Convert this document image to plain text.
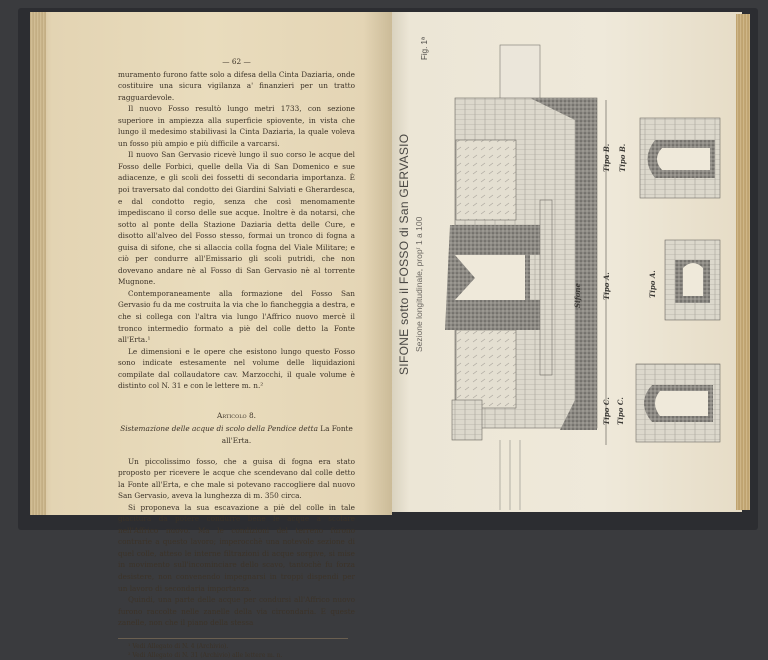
— 62 —

muramento furono fatte solo a difesa della Cinta Daziaria, onde costituire una sicura vigilanza a' finanzieri per un tratto ragguardevole.

Il nuovo Fosso resultò lungo metri 1733, con sezione superiore in ampiezza alla superficie spiovente, in vista che lungo il medesimo stabilivasi la Cinta Daziaria, la quale voleva un fosso più ampio e più difficile a varcarsi.

Il nuovo San Gervasio ricevè lungo il suo corso le acque del Fosso delle Forbici, quelle della Via di San Domenico e sue adiacenze, e gli scoli dei fossetti di secondaria importanza. È poi traversato dal condotto dei Giardini Salviati e Gherardesca, e dal condotto regio, senza che così menomamente impediscano il corso delle sue acque. Inoltre è da notarsi, che sotto al ponte della Stazione Daziaria detta delle Cure, e disotto all'alveo del Fosso stesso, formai un tronco di fogna a guisa di sifone, che si allaccia colla fogna del Viale Militare; e ciò per condurre all'Emissario gli scoli putridi, che non dovevano andare nè al Fosso di San Gervasio nè al torrente Mugnone.

Contemporaneamente alla formazione del Fosso San Gervasio fu da me costruita la via che lo fiancheggia a destra, e che si collega con l'altra via lungo l'Affrico nuovo mercè il tronco intermedio formato a piè del colle detto la Fonte all'Erta.¹

Le dimensioni e le opere che esistono lungo questo Fosso sono indicate estesamente nel volume delle liquidazioni compilate dal collaudatore cav. Marzocchi, il quale volume è distinto col N. 31 e con le lettere m. n.²

Articolo 8.
Sistemazione delle acque di scolo della Pendice detta La Fonte all'Erta.

Un piccolissimo fosso, che a guisa di fogna era stato proposto per ricevere le acque che scendevano dal colle detto la Fonte all'Erta, e che male si potevano raccogliere dal nuovo San Gervasio, aveva la lunghezza di m. 350 circa.

Si proponeva la sua escavazione a piè del colle in tale giacitura da potere condurre bene le acque a scolare nell'Affrico nuovo. Ma le condizioni del terreno furono contrarie a questo lavoro; imperocchè una notevole sezione di quel colle, atteso le interne filtrazioni di acque sorgive, si mise in movimento sull'incominciare dello scavo, tantochè fu forza desistere, non convenendo impegnarsi in troppi dispendi per un lavoro di secondaria importanza.

Quindi, una parte delle acque per condursi all'Affrico nuovo furono raccolte nelle zanelle della via circondaria. E queste zanelle, non che il piano della stessa

¹ Vedi Allegato di N. 4 (Archivio).

² Vedi Allegato di N. 31 (Archivio) alle lettere m. n.

Fig. 1ª
SIFONE sotto il FOSSO di San GERVASIO Sezione longitudinale, propʳ 1 a 100	Sifone	Tipo A.
Tipo B. Tipo B.
Tipo A.
Tipo C. Tipo C.
